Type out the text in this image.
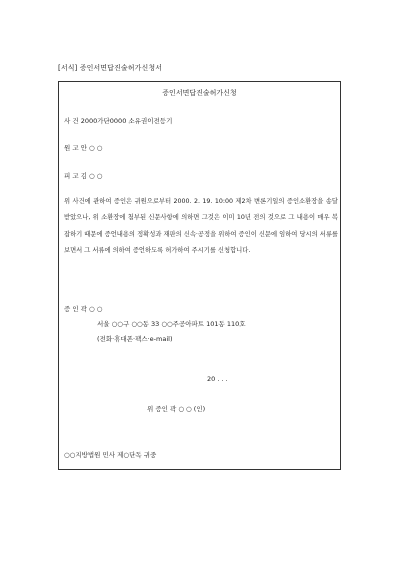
[서식] 증인서면답진술허가신청서
증인서면답진술허가신청
사 건 2000가단0000 소유권이전등기
원 고 안 ○ ○
피 고 김 ○ ○

위 사건에 관하여 증인은 귀원으로부터 2000. 2. 19. 10:00 제2차 변론기일의 증인소환장을 송달받았으나, 위 소환장에 첨부된 신문사항에 의하면 그것은 이미 10년 전의 것으로 그 내용이 매우 복잡하기 때문에 증언내용의 정확성과 재판의 신속·공정을 위하여 증인이 신문에 임하여 당시의 서류를 보면서 그 서류에 의하여 증언하도록 허가하여 주시기를 신청합니다.

증 인 곽 ○ ○
서울 ○○구 ○○동 33 ○○주공아파트 101동 110호
(전화·휴대폰·팩스·e-mail)
20 . . .
위 증인 곽 ○ ○ (인)
○○지방법원 민사 제○단독 귀중
